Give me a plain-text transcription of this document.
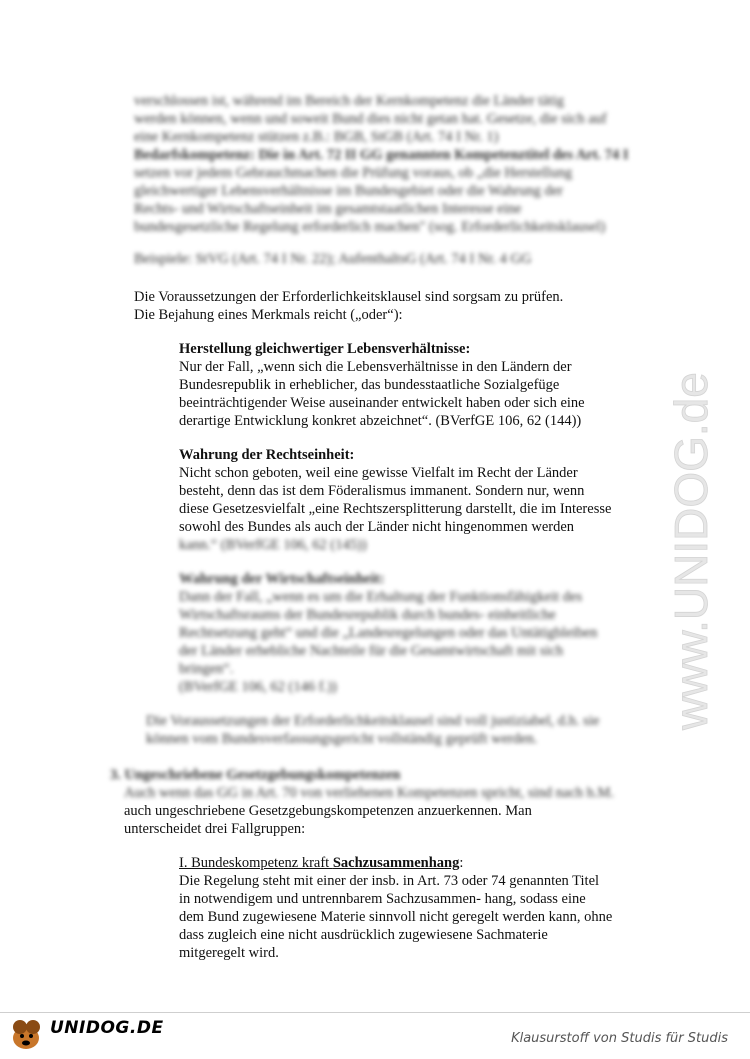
verschlossen ist, während im Bereich der Kernkompetenz die Länder tätig

werden können, wenn und soweit Bund dies nicht getan hat. Gesetze, die sich auf

eine Kernkompetenz stützen z.B.: BGB, StGB (Art. 74 I Nr. 1)

Bedarfskompetenz: Die in Art. 72 II GG genannten Kompetenztitel des Art. 74 I

setzen vor jedem Gebrauchmachen die Prüfung voraus, ob „die Herstellung

gleichwertiger Lebensverhältnisse im Bundesgebiet oder die Wahrung der

Rechts- und Wirtschaftseinheit im gesamtstaatlichen Interesse eine

bundesgesetzliche Regelung erforderlich machen" (sog. Erforderlichkeitsklausel)

Beispiele: StVG (Art. 74 I Nr. 22); AufenthaltsG (Art. 74 I Nr. 4 GG

Die Voraussetzungen der Erforderlichkeitsklausel sind sorgsam zu prüfen.

Die Bejahung eines Merkmals reicht („oder“):

Herstellung gleichwertiger Lebensverhältnisse:

Nur der Fall, „wenn sich die Lebensverhältnisse in den Ländern der

Bundesrepublik in erheblicher, das bundesstaatliche Sozialgefüge

beeinträchtigender Weise auseinander entwickelt haben oder sich eine

derartige Entwicklung konkret abzeichnet“. (BVerfGE 106, 62 (144))

Wahrung der Rechtseinheit:

Nicht schon geboten, weil eine gewisse Vielfalt im Recht der Länder

besteht, denn das ist dem Föderalismus immanent. Sondern nur, wenn

diese Gesetzesvielfalt „eine Rechtszersplitterung darstellt, die im Interesse

sowohl des Bundes als auch der Länder nicht hingenommen werden

kann.“ (BVerfGE 106, 62 (145))

Wahrung der Wirtschaftseinheit:

Dann der Fall, „wenn es um die Erhaltung der Funktionsfähigkeit des

Wirtschaftsraums der Bundesrepublik durch bundes- einheitliche

Rechtsetzung geht“ und die „Landesregelungen oder das Untätigbleiben

der Länder erhebliche Nachteile für die Gesamtwirtschaft mit sich

bringen“.

(BVerfGE 106, 62 (146 f.))

Die Voraussetzungen der Erforderlichkeitsklausel sind voll justiziabel, d.h. sie

können vom Bundesverfassungsgericht vollständig geprüft werden.

3. Ungeschriebene Gesetzgebungskompetenzen

Auch wenn das GG in Art. 70 von verliehenen Kompetenzen spricht, sind nach h.M.

auch ungeschriebene Gesetzgebungskompetenzen anzuerkennen. Man

unterscheidet drei Fallgruppen:

I. Bundeskompetenz kraft Sachzusammenhang:

Die Regelung steht mit einer der insb. in Art. 73 oder 74 genannten Titel

in notwendigem und untrennbarem Sachzusammen- hang, sodass eine

dem Bund zugewiesene Materie sinnvoll nicht geregelt werden kann, ohne

dass zugleich eine nicht ausdrücklich zugewiesene Sachmaterie

mitgeregelt wird.

www.UNIDOG.de
UNIDOG.DE
Klausurstoff von Studis für Studis
